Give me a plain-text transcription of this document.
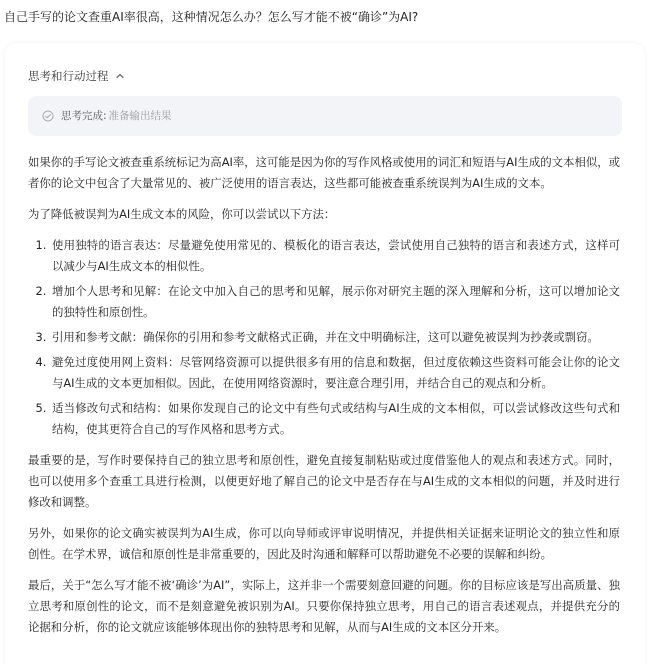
自己手写的论文查重AI率很高，这种情况怎么办？怎么写才能不被“确诊”为AI?
思考和行动过程
思考完成: 准备输出结果

如果你的手写论文被查重系统标记为高AI率，这可能是因为你的写作风格或使用的词汇和短语与AI生成的文本相似，或者你的论文中包含了大量常见的、被广泛使用的语言表达，这些都可能被查重系统误判为AI生成的文本。

为了降低被误判为AI生成文本的风险，你可以尝试以下方法：

1. 使用独特的语言表达：尽量避免使用常见的、模板化的语言表达，尝试使用自己独特的语言和表述方式，这样可以减少与AI生成文本的相似性。
2. 增加个人思考和见解：在论文中加入自己的思考和见解，展示你对研究主题的深入理解和分析，这可以增加论文的独特性和原创性。
3. 引用和参考文献：确保你的引用和参考文献格式正确，并在文中明确标注，这可以避免被误判为抄袭或剽窃。
4. 避免过度使用网上资料：尽管网络资源可以提供很多有用的信息和数据，但过度依赖这些资料可能会让你的论文与AI生成的文本更加相似。因此，在使用网络资源时，要注意合理引用，并结合自己的观点和分析。
5. 适当修改句式和结构：如果你发现自己的论文中有些句式或结构与AI生成的文本相似，可以尝试修改这些句式和结构，使其更符合自己的写作风格和思考方式。

最重要的是，写作时要保持自己的独立思考和原创性，避免直接复制粘贴或过度借鉴他人的观点和表述方式。同时，也可以使用多个查重工具进行检测，以便更好地了解自己的论文中是否存在与AI生成的文本相似的问题，并及时进行修改和调整。

另外，如果你的论文确实被误判为AI生成，你可以向导师或评审说明情况，并提供相关证据来证明论文的独立性和原创性。在学术界，诚信和原创性是非常重要的，因此及时沟通和解释可以帮助避免不必要的误解和纠纷。

最后，关于“怎么写才能不被‘确诊’为AI”，实际上，这并非一个需要刻意回避的问题。你的目标应该是写出高质量、独立思考和原创性的论文，而不是刻意避免被识别为AI。只要你保持独立思考，用自己的语言表述观点，并提供充分的论据和分析，你的论文就应该能够体现出你的独特思考和见解，从而与AI生成的文本区分开来。
